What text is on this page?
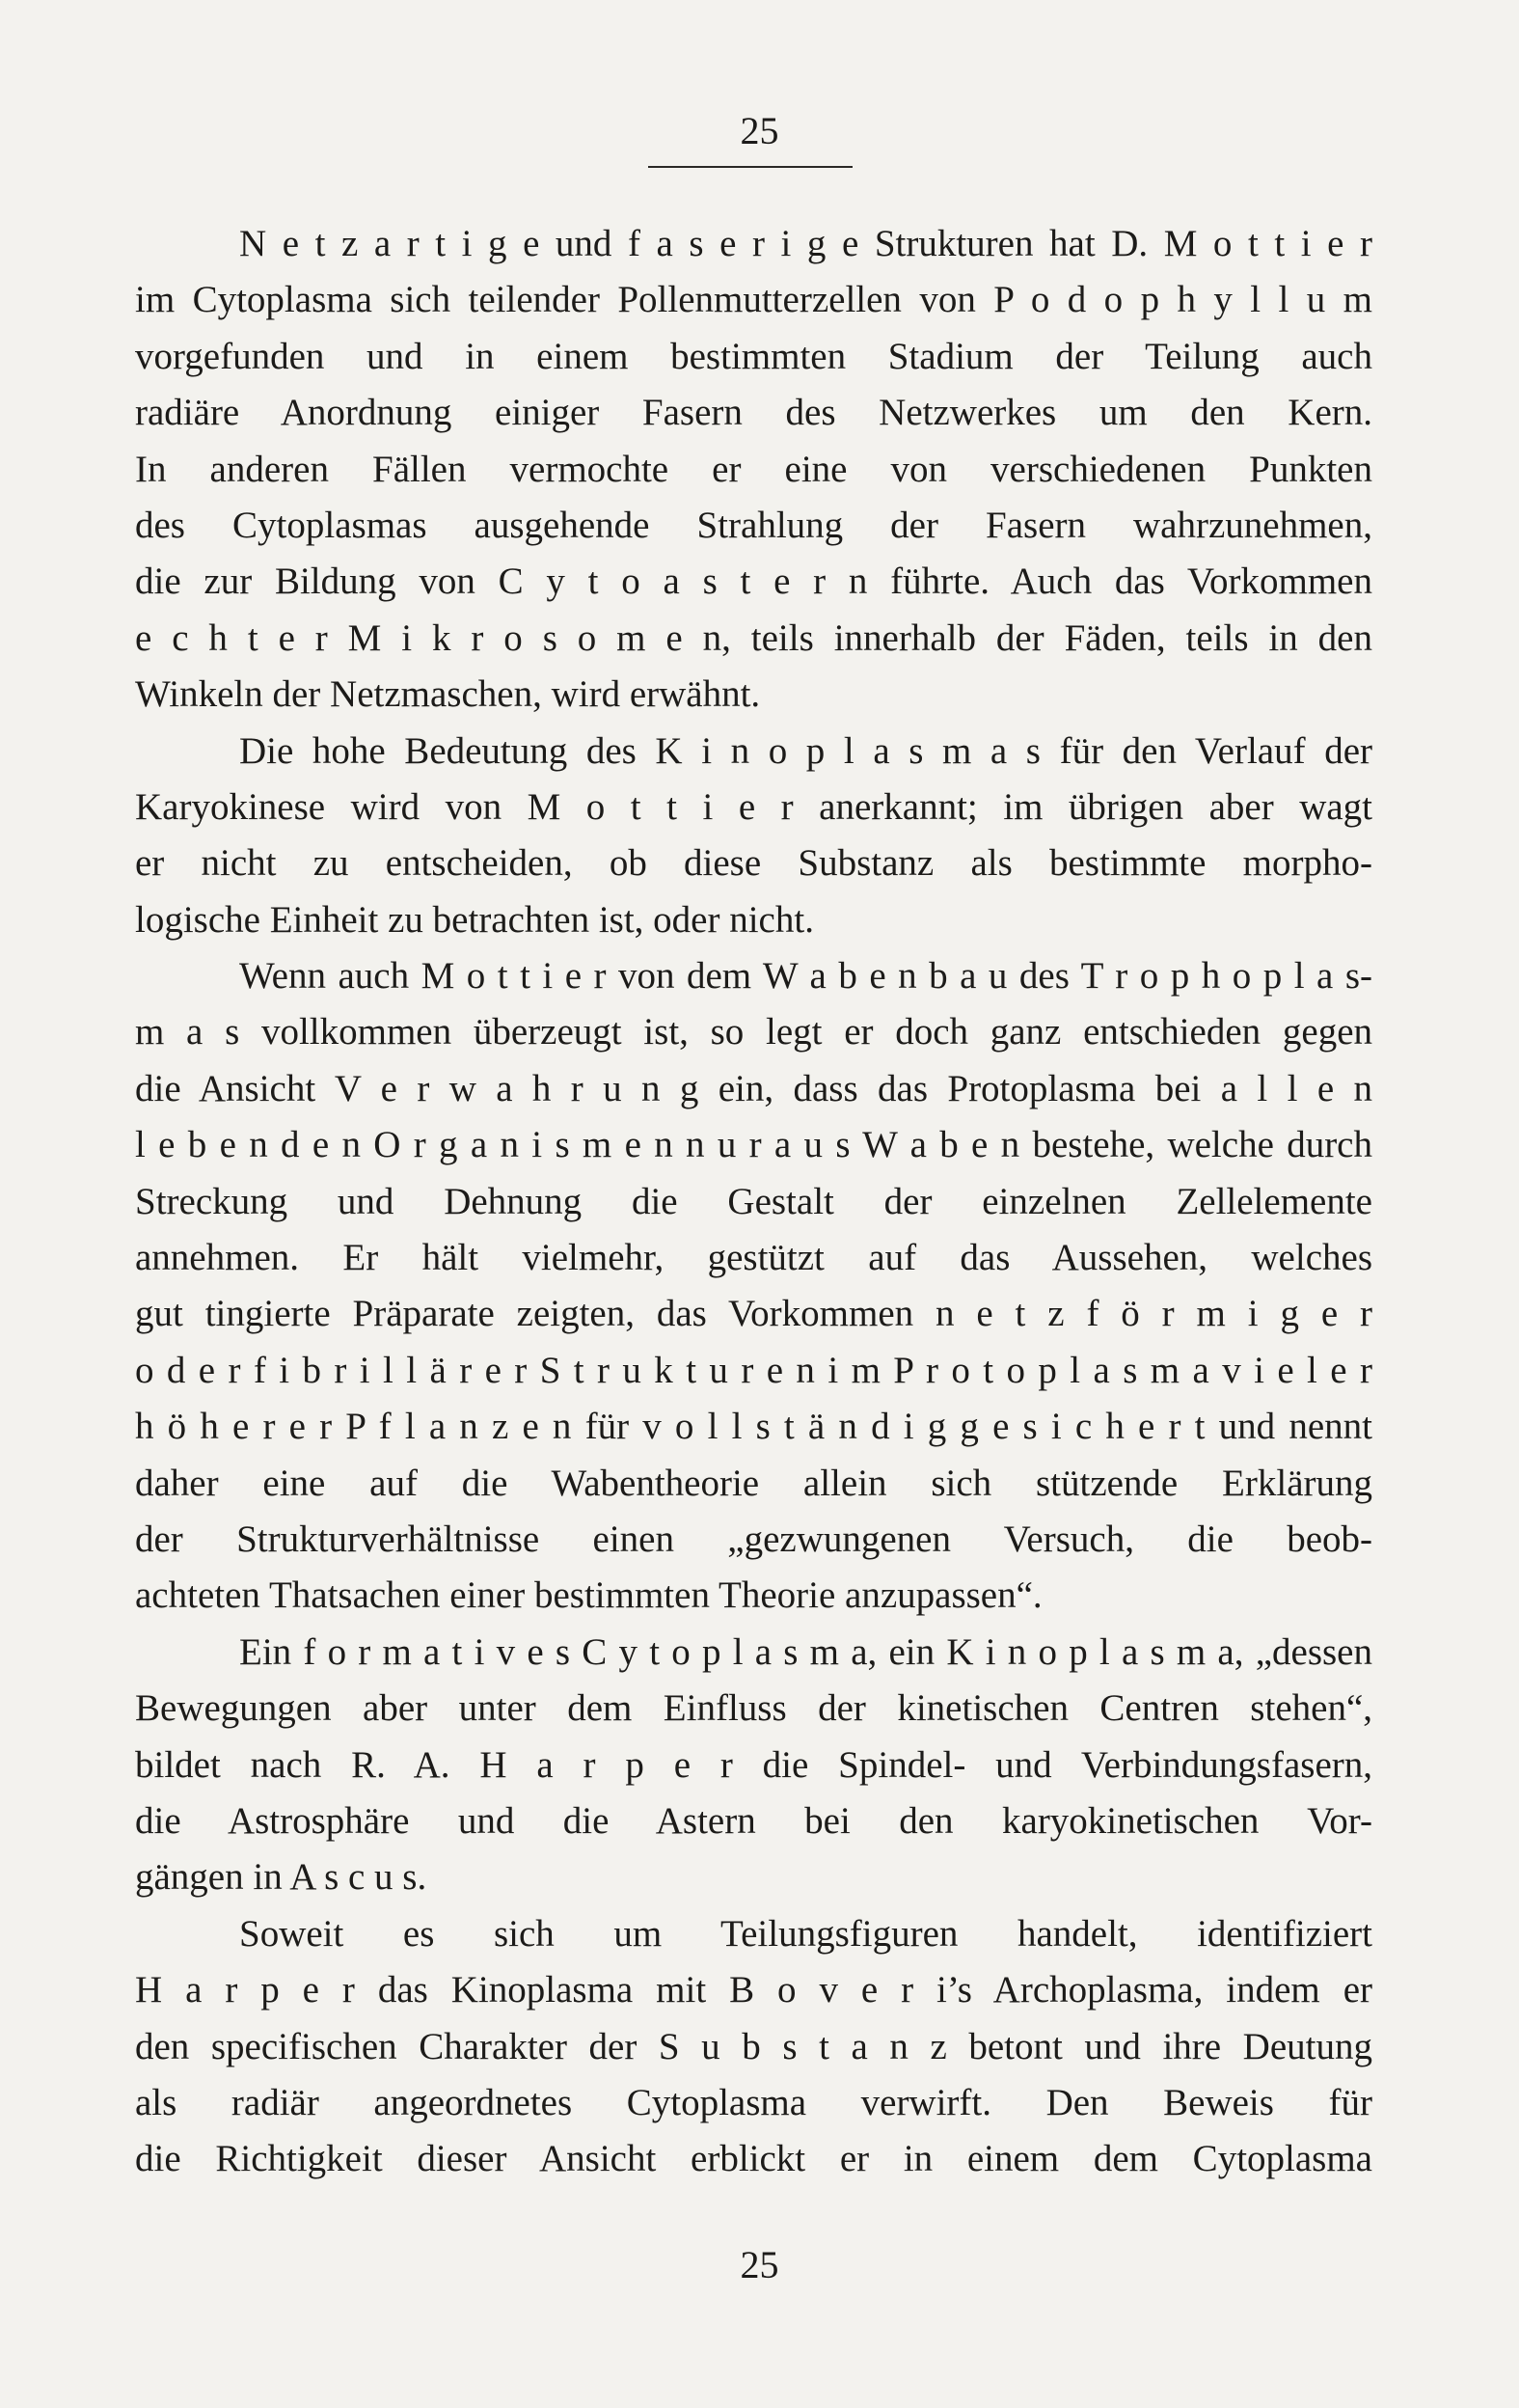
25
N e t z a r t i g e und f a s e r i g e Strukturen hat D. M o t t i e r
im Cytoplasma sich teilender Pollenmutterzellen von P o d o p h y l l u m
vorgefunden und in einem bestimmten Stadium der Teilung auch
radiäre Anordnung einiger Fasern des Netzwerkes um den Kern.
In anderen Fällen vermochte er eine von verschiedenen Punkten
des Cytoplasmas ausgehende Strahlung der Fasern wahrzunehmen,
die zur Bildung von C y t o a s t e r n führte. Auch das Vorkommen
e c h t e r M i k r o s o m e n, teils innerhalb der Fäden, teils in den
Winkeln der Netzmaschen, wird erwähnt.
Die hohe Bedeutung des K i n o p l a s m a s für den Verlauf der
Karyokinese wird von M o t t i e r anerkannt; im übrigen aber wagt
er nicht zu entscheiden, ob diese Substanz als bestimmte morpho-
logische Einheit zu betrachten ist, oder nicht.
Wenn auch M o t t i e r von dem W a b e n b a u des T r o p h o p l a s-
m a s vollkommen überzeugt ist, so legt er doch ganz entschieden gegen
die Ansicht V e r w a h r u n g ein, dass das Protoplasma bei a l l e n
l e b e n d e n O r g a n i s m e n n u r a u s W a b e n bestehe, welche durch
Streckung und Dehnung die Gestalt der einzelnen Zellelemente
annehmen. Er hält vielmehr, gestützt auf das Aussehen, welches
gut tingierte Präparate zeigten, das Vorkommen n e t z f ö r m i g e r
o d e r f i b r i l l ä r e r S t r u k t u r e n i m P r o t o p l a s m a v i e l e r
h ö h e r e r P f l a n z e n für v o l l s t ä n d i g g e s i c h e r t und nennt
daher eine auf die Wabentheorie allein sich stützende Erklärung
der Strukturverhältnisse einen „gezwungenen Versuch, die beob-
achteten Thatsachen einer bestimmten Theorie anzupassen“.
Ein f o r m a t i v e s C y t o p l a s m a, ein K i n o p l a s m a, „dessen
Bewegungen aber unter dem Einfluss der kinetischen Centren stehen“,
bildet nach R. A. H a r p e r die Spindel- und Verbindungsfasern,
die Astrosphäre und die Astern bei den karyokinetischen Vor-
gängen in A s c u s.
Soweit es sich um Teilungsfiguren handelt, identifiziert
H a r p e r das Kinoplasma mit B o v e r i’s Archoplasma, indem er
den specifischen Charakter der S u b s t a n z betont und ihre Deutung
als radiär angeordnetes Cytoplasma verwirft. Den Beweis für
die Richtigkeit dieser Ansicht erblickt er in einem dem Cytoplasma
25
